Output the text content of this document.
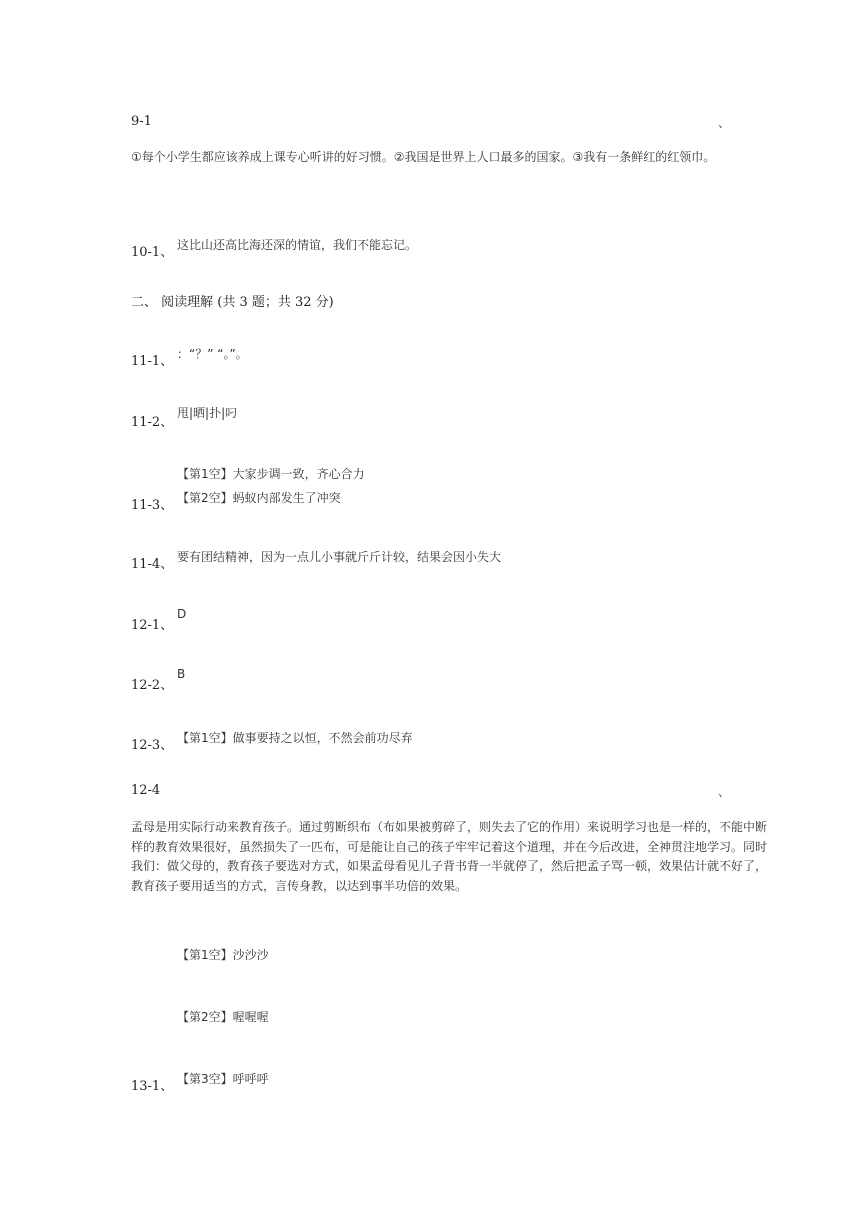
9-1	、
①每个小学生都应该养成上课专心听讲的好习惯。②我国是世界上人口最多的国家。③我有一条鲜红的红领巾。
10-1、 这比山还高比海还深的情谊，我们不能忘记。
二、 阅读理解 (共 3 题；共 32 分)
11-1、 ：“？” “。”。
11-2、
甩|晒|扑|叼
【第1空】大家步调一致，齐心合力
11-3、 【第2空】蚂蚁内部发生了冲突
11-4、 要有团结精神，因为一点儿小事就斤斤计较，结果会因小失大
12-1、
D
12-2、
B
12-3、 【第1空】做事要持之以恒，不然会前功尽弃
12-4	、
孟母是用实际行动来教育孩子。通过剪断织布（布如果被剪碎了，则失去了它的作用）来说明学习也是一样的，不能中断
样的教育效果很好，虽然损失了一匹布，可是能让自己的孩子牢牢记着这个道理，并在今后改进，全神贯注地学习。同时
我们：做父母的，教育孩子要选对方式，如果孟母看见儿子背书背一半就停了，然后把孟子骂一顿，效果估计就不好了，
教育孩子要用适当的方式，言传身教，以达到事半功倍的效果。
【第1空】沙沙沙
【第2空】喔喔喔
13-1、 【第3空】呼呼呼
